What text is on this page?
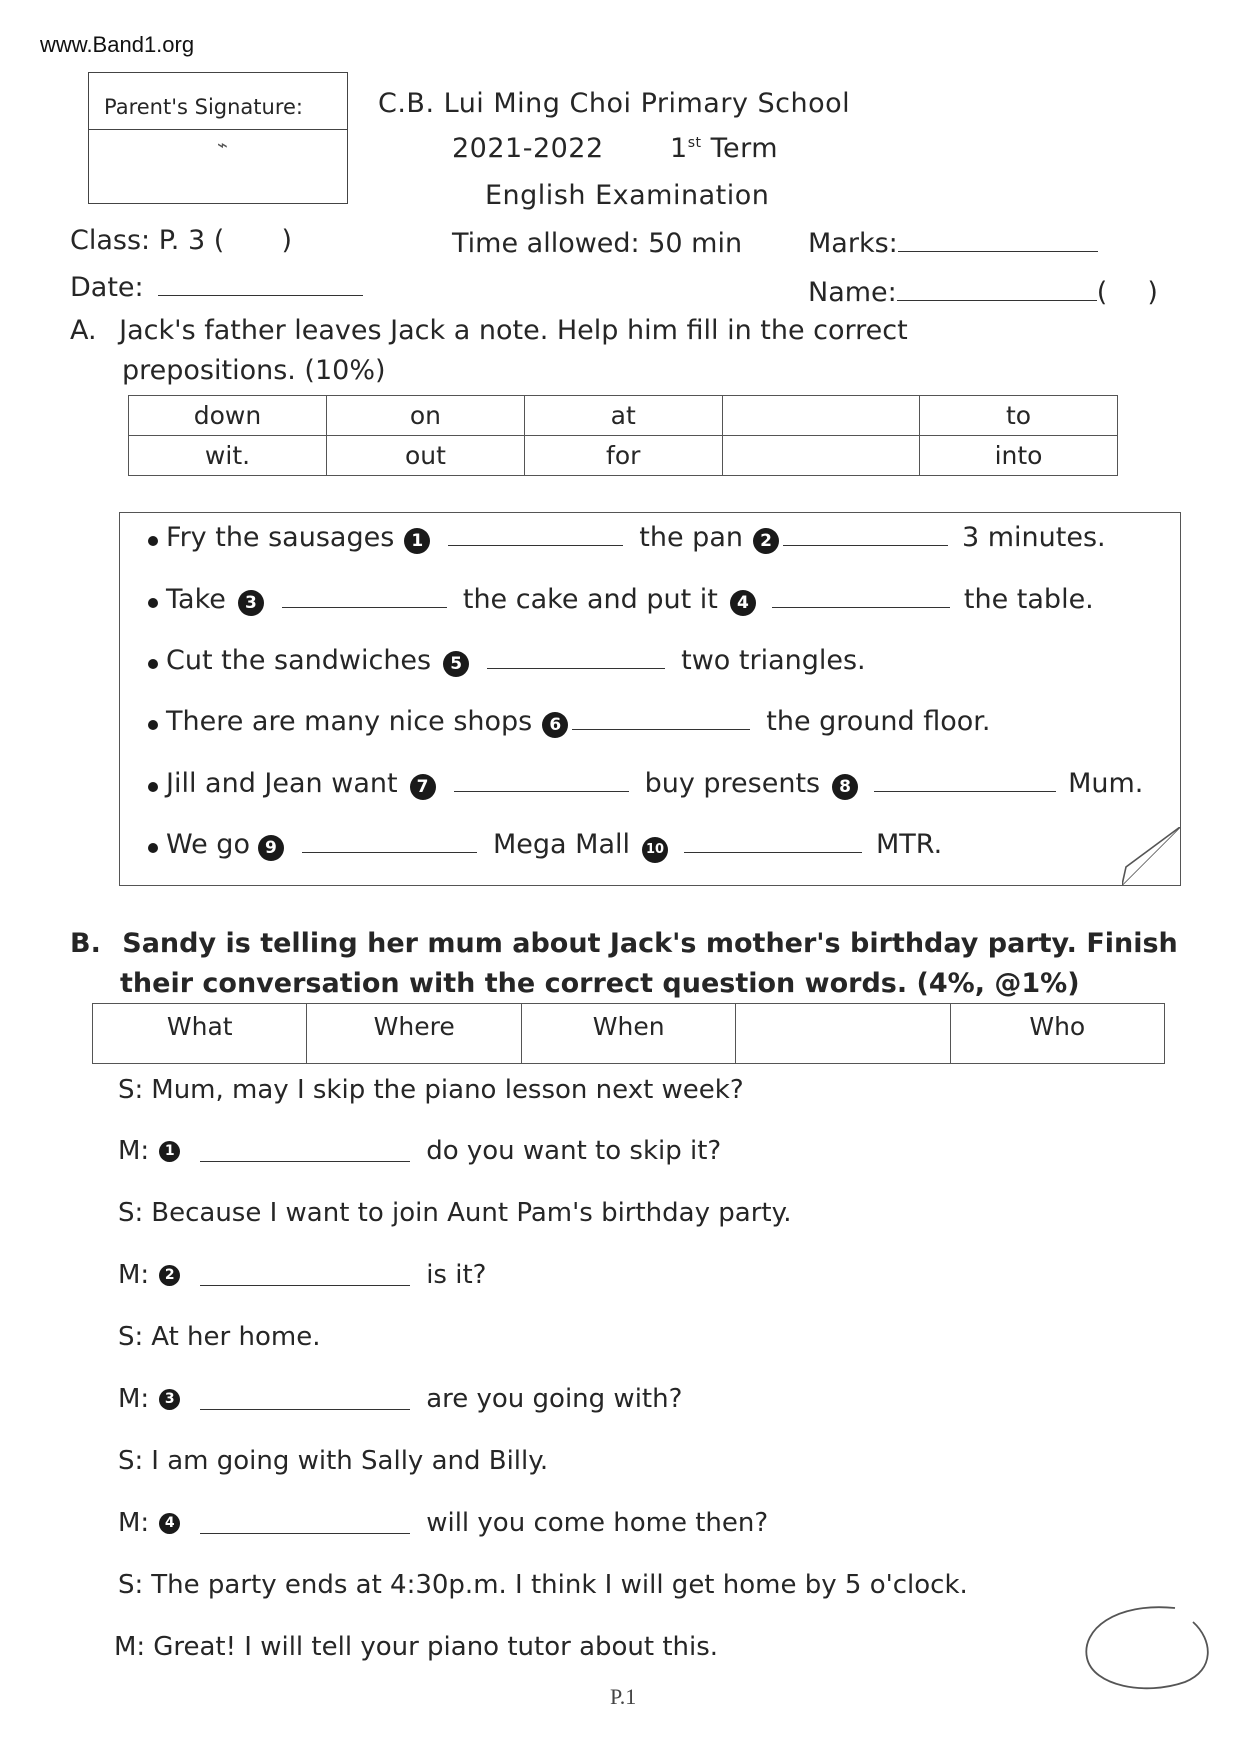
www.Band1.org
Parent's Signature:
⌁
C.B. Lui Ming Choi Primary School
2021-2022 1st Term
English Examination
Class: P. 3 ( )	Time allowed: 50 min Marks:
Date:	Name:	( )
A. Jack's father leaves Jack a note. Help him fill in the correct
prepositions. (10%)
down	on	at		to
wit.	out	for		into
Fry the sausages	1	the pan	2	3 minutes.
Take	3	the cake and put it	4	the table.
Cut the sandwiches	5	two triangles.
There are many nice shops	6	the ground floor.
Jill and Jean want	7	buy presents	8	Mum.
We go 9	Mega Mall	10	MTR.
B. Sandy is telling her mum about Jack's mother's birthday party. Finish
their conversation with the correct question words. (4%, @1%)
What	Where	When		Who
S: Mum, may I skip the piano lesson next week?
M:	1	do you want to skip it?
S: Because I want to join Aunt Pam's birthday party.
M:	2	is it?
S: At her home.
M:	3	are you going with?
S: I am going with Sally and Billy.
M:	4	will you come home then?
S: The party ends at 4:30p.m. I think I will get home by 5 o'clock.
M: Great! I will tell your piano tutor about this.
P.1
